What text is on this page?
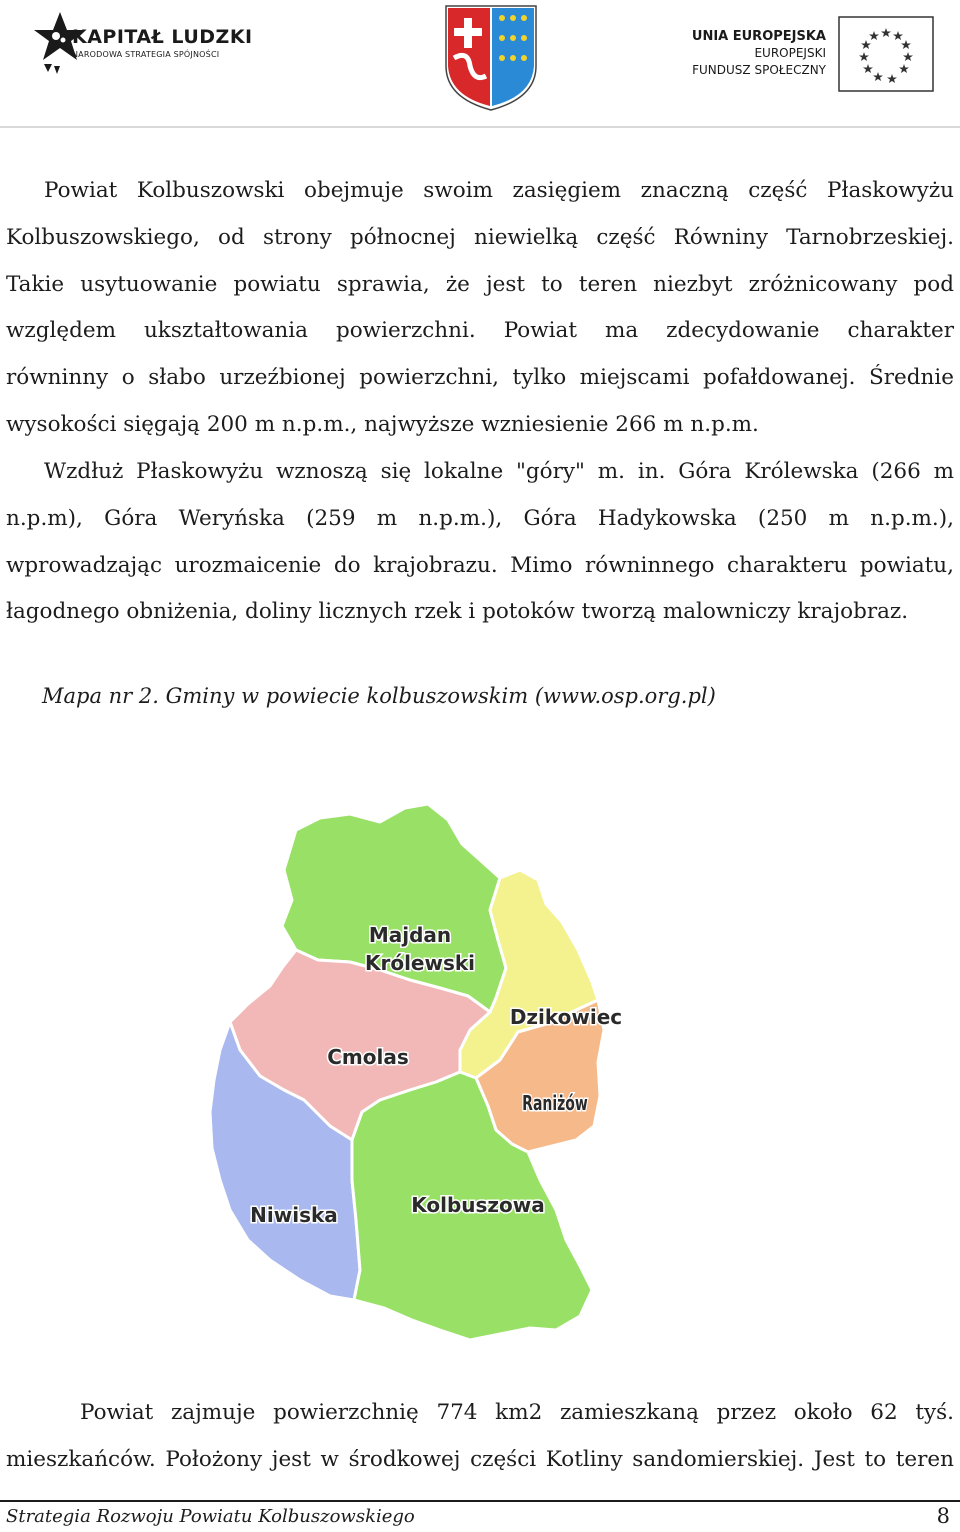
KAPITAŁ LUDZKI
NARODOWA STRATEGIA SPÓJNOŚCI
UNIA EUROPEJSKA
EUROPEJSKI
FUNDUSZ SPOŁECZNY
Powiat Kolbuszowski obejmuje swoim zasięgiem znaczną część Płaskowyżu
Kolbuszowskiego, od strony północnej niewielką część Równiny Tarnobrzeskiej.
Takie usytuowanie powiatu sprawia, że jest to teren niezbyt zróżnicowany pod
względem ukształtowania powierzchni. Powiat ma zdecydowanie charakter
równinny o słabo urzeźbionej powierzchni, tylko miejscami pofałdowanej. Średnie
wysokości sięgają 200 m n.p.m., najwyższe wzniesienie 266 m n.p.m.
Wzdłuż Płaskowyżu wznoszą się lokalne "góry" m. in. Góra Królewska (266 m
n.p.m), Góra Weryńska (259 m n.p.m.), Góra Hadykowska (250 m n.p.m.),
wprowadzając urozmaicenie do krajobrazu. Mimo równinnego charakteru powiatu,
łagodnego obniżenia, doliny licznych rzek i potoków tworzą malowniczy krajobraz.

Mapa nr 2. Gminy w powiecie kolbuszowskim (www.osp.org.pl)

Majdan
Królewski
Dzikowiec
Cmolas
Raniżów
Niwiska	Kolbuszowa
Powiat zajmuje powierzchnię 774 km2 zamieszkaną przez około 62 tyś.
mieszkańców. Położony jest w środkowej części Kotliny sandomierskiej. Jest to teren
Strategia Rozwoju Powiatu Kolbuszowskiego	8
